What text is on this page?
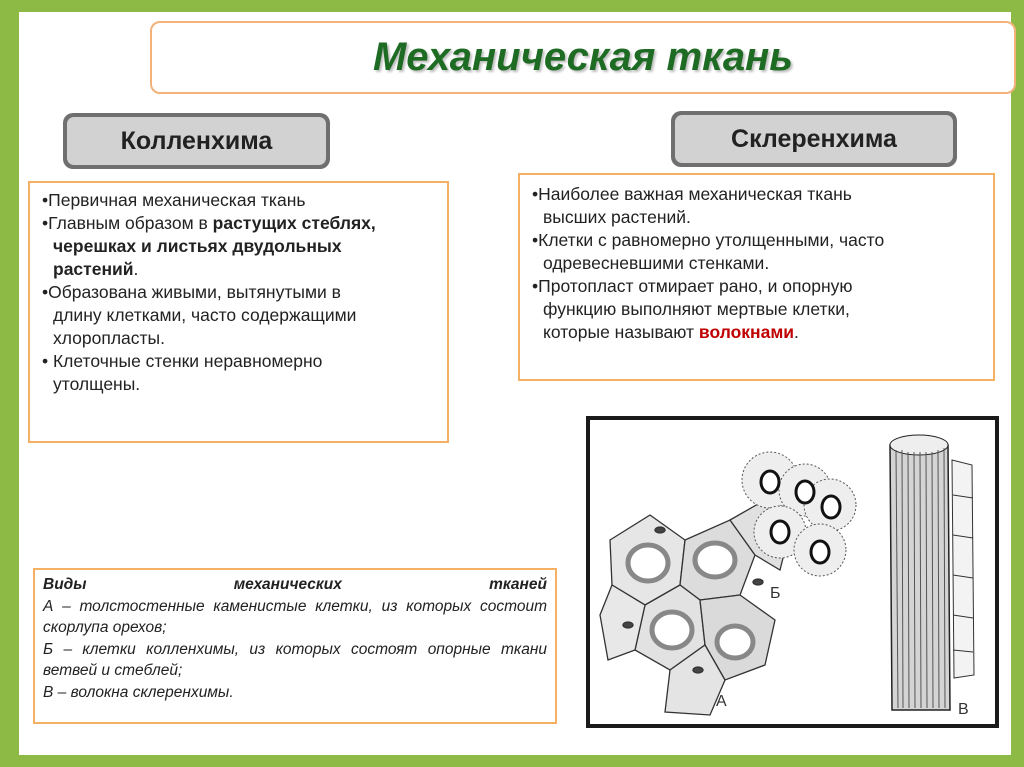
Механическая ткань
Колленхима	Склеренхима

•Первичная механическая ткань

•Главным образом в растущих стеблях,

черешках и листьях двудольных

растений.

•Образована живыми, вытянутыми в

длину клетками, часто содержащими

хлоропласты.

• Клеточные стенки неравномерно

утолщены.

•Наиболее важная механическая ткань

высших растений.

•Клетки с равномерно утолщенными, часто

одревесневшими стенками.

•Протопласт отмирает рано, и опорную

функцию выполняют мертвые клетки,

которые называют волокнами.

Виды	механических	тканей

А – толстостенные каменистые клетки, из которых состоит скорлупа орехов;

Б – клетки колленхимы, из которых состоят опорные ткани ветвей и стеблей;

В – волокна склеренхимы.

Б
А	В
